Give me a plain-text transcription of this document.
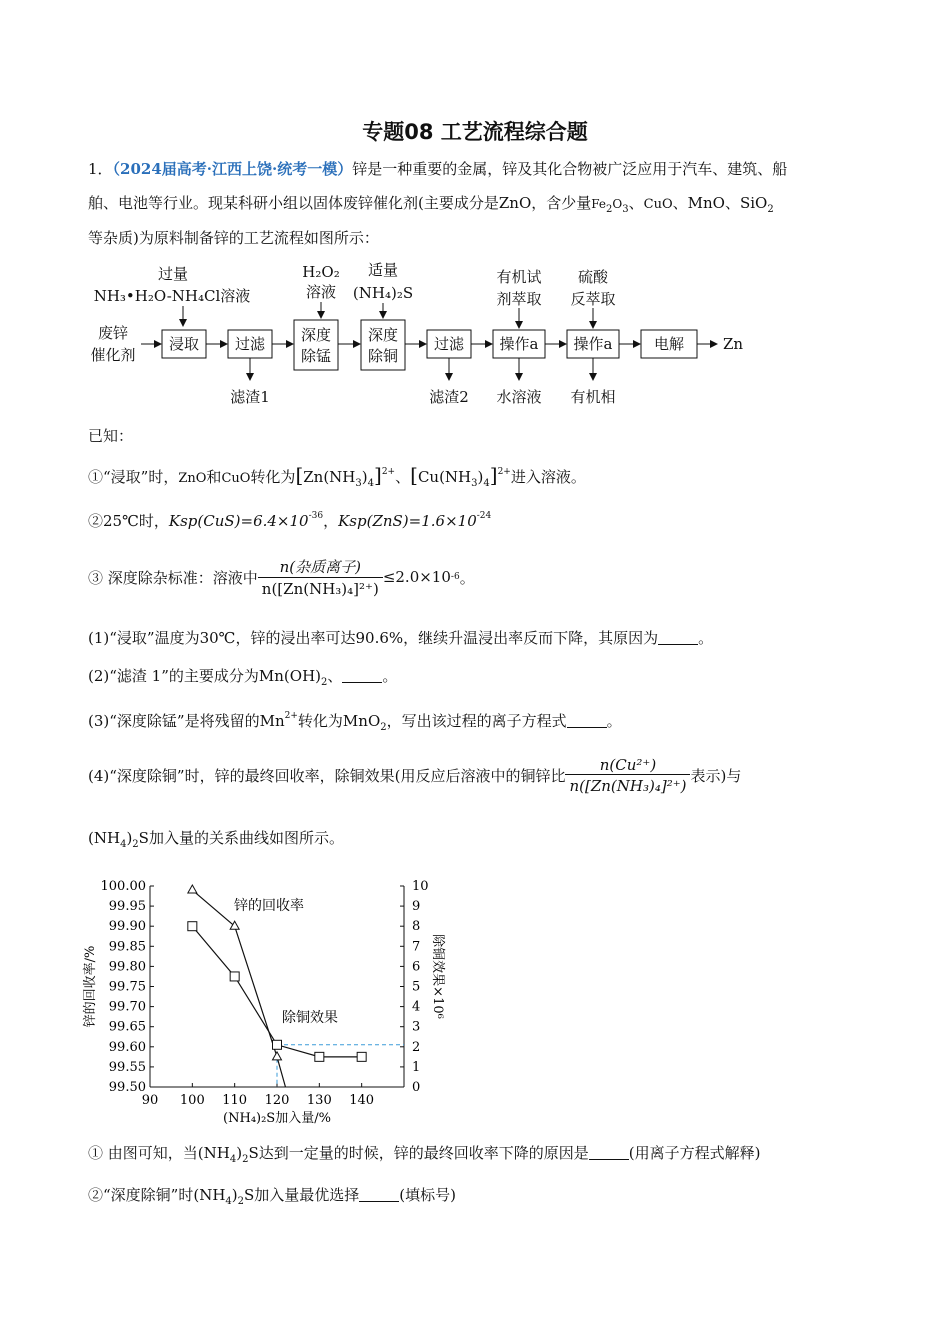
专题08 工艺流程综合题
1．（2024届高考·江西上饶·统考一模）锌是一种重要的金属，锌及其化合物被广泛应用于汽车、建筑、船
舶、电池等行业。现某科研小组以固体废锌催化剂(主要成分是ZnO，含少量$Fe_2O_3$、CuO、MnO、SiO$_2$
等杂质)为原料制备锌的工艺流程如图所示：
过量
NH₃•H₂O-NH₄Cl溶液
H₂O₂
溶液
适量
(NH₄)₂S
有机试
剂萃取
硫酸
反萃取
废锌
催化剂
浸取 过滤 深度
除锰
深度
除铜
过滤 操作a 操作a	电解	Zn
滤渣1	滤渣2 水溶液 有机相
已知：
①“浸取”时，ZnO和CuO转化为$[Zn(NH_3)_4]^{2+}$、$[Cu(NH_3)_4]^{2+}$进入溶液。
②25℃时，$Ksp(CuS)=6.4\times 10^{-36}$，$Ksp(ZnS)=1.6\times 10^{-24}$
③ 深度除杂标准：溶液中 $\frac{\text{n(杂质离子)}}{\text{n([Zn(NH₃)₄]²⁺)}} \le 2.0\times 10$ -6 。
(1)“浸取”温度为30℃，锌的浸出率可达90.6%，继续升温浸出率反而下降，其原因为	。
(2)“滤渣 1”的主要成分为$Mn(OH)_2$、	。
(3)“深度除锰”是将残留的$Mn^{2+}$转化为MnO$_2$，写出该过程的离子方程式	。
(4)“深度除铜”时，锌的最终回收率，除铜效果(用反应后溶液中的铜锌比 $\frac{\text{n(Cu²⁺)}}{\text{n([Zn(NH₃)₄]²⁺)}}$ 表示)与
$(NH_4)_2S$加入量的关系曲线如图所示。
90 100 110 120 130 140
99.50
99.55
99.60
99.65
99.70
99.75
99.80
99.85
99.90
99.95
100.00
0
1
2
3
4
5
6
7
8
9
10
(NH₄)₂S加入量/%
锌的回收率/%	除铜效果×10⁶
锌的回收率
除铜效果
① 由图可知，当$(NH_4)_2S$达到一定量的时候，锌的最终回收率下降的原因是	(用离子方程式解释)
②“深度除铜”时$(NH_4)_2S$加入量最优选择	(填标号)
